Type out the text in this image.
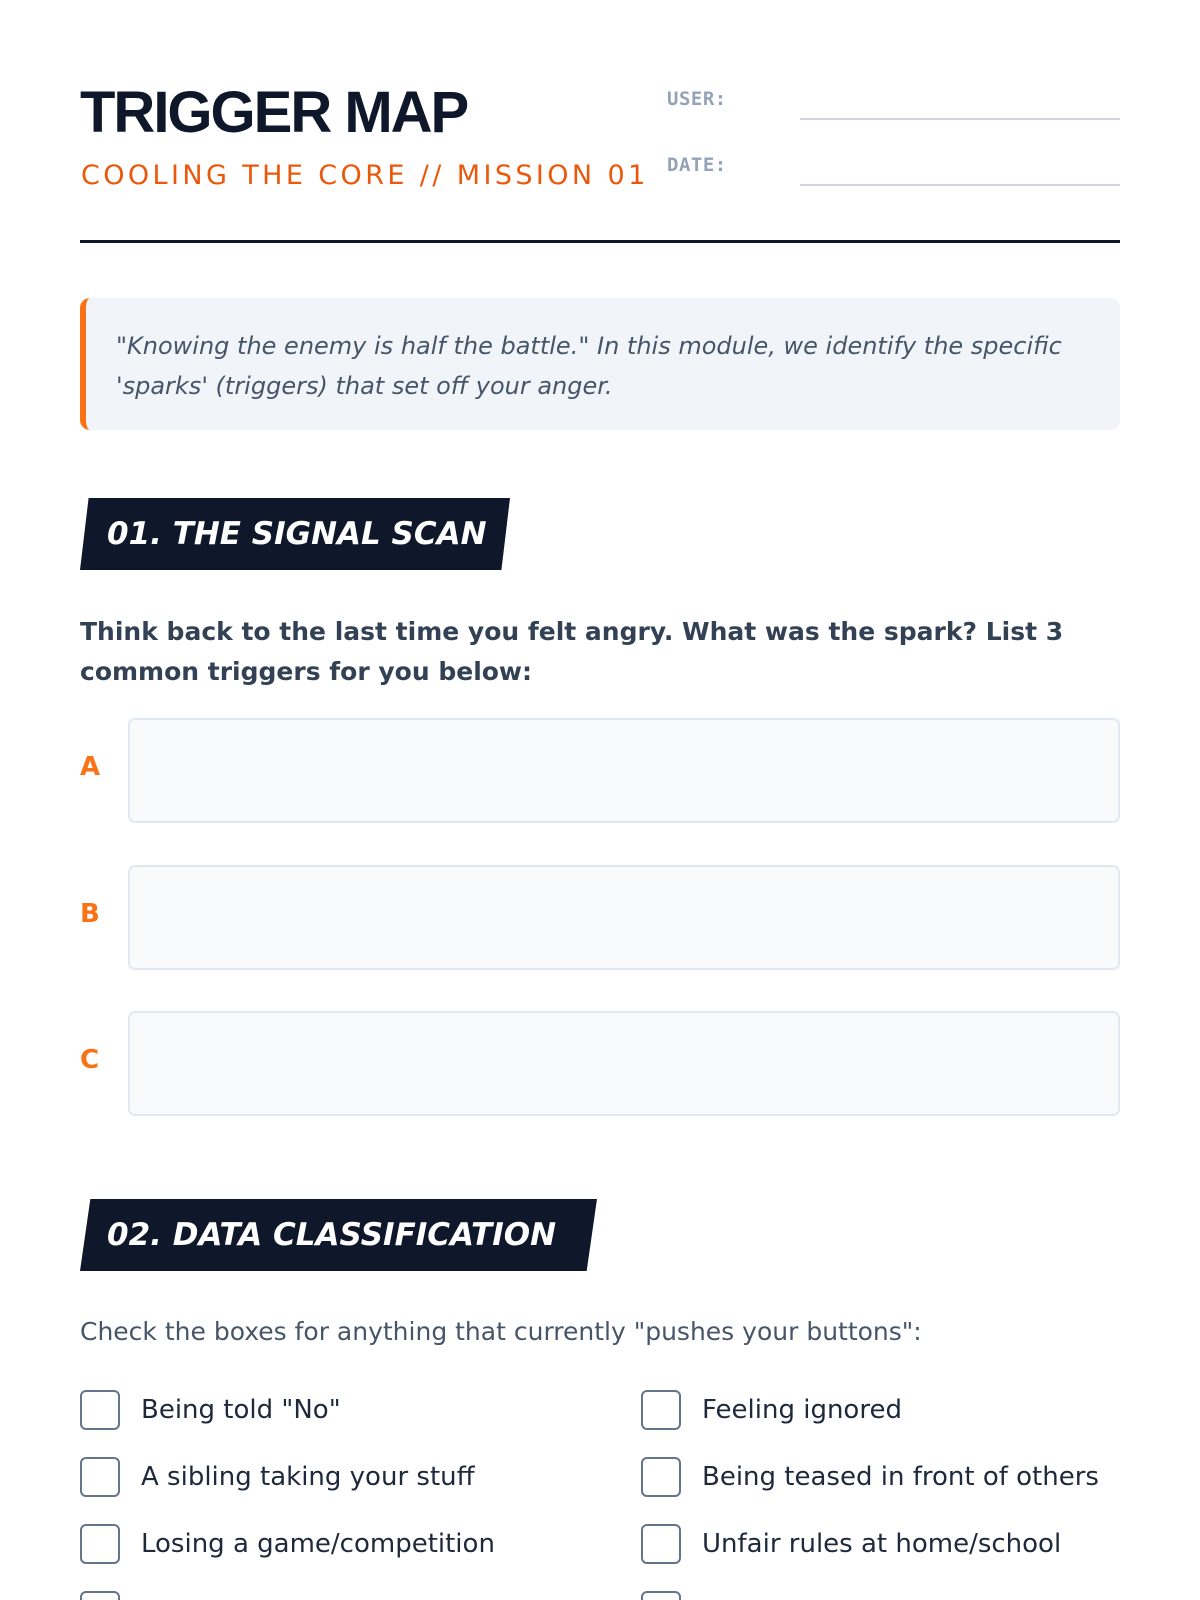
TRIGGER MAP
COOLING THE CORE // MISSION 01
USER:
DATE:

"Knowing the enemy is half the battle." In this module, we identify the specific 'sparks' (triggers) that set off your anger.

01. THE SIGNAL SCAN

Think back to the last time you felt angry. What was the spark? List 3 common triggers for you below:

A
B
C
02. DATA CLASSIFICATION

Check the boxes for anything that currently "pushes your buttons":

Being told "No"	Feeling ignored
A sibling taking your stuff	Being teased in front of others
Losing a game/competition	Unfair rules at home/school
